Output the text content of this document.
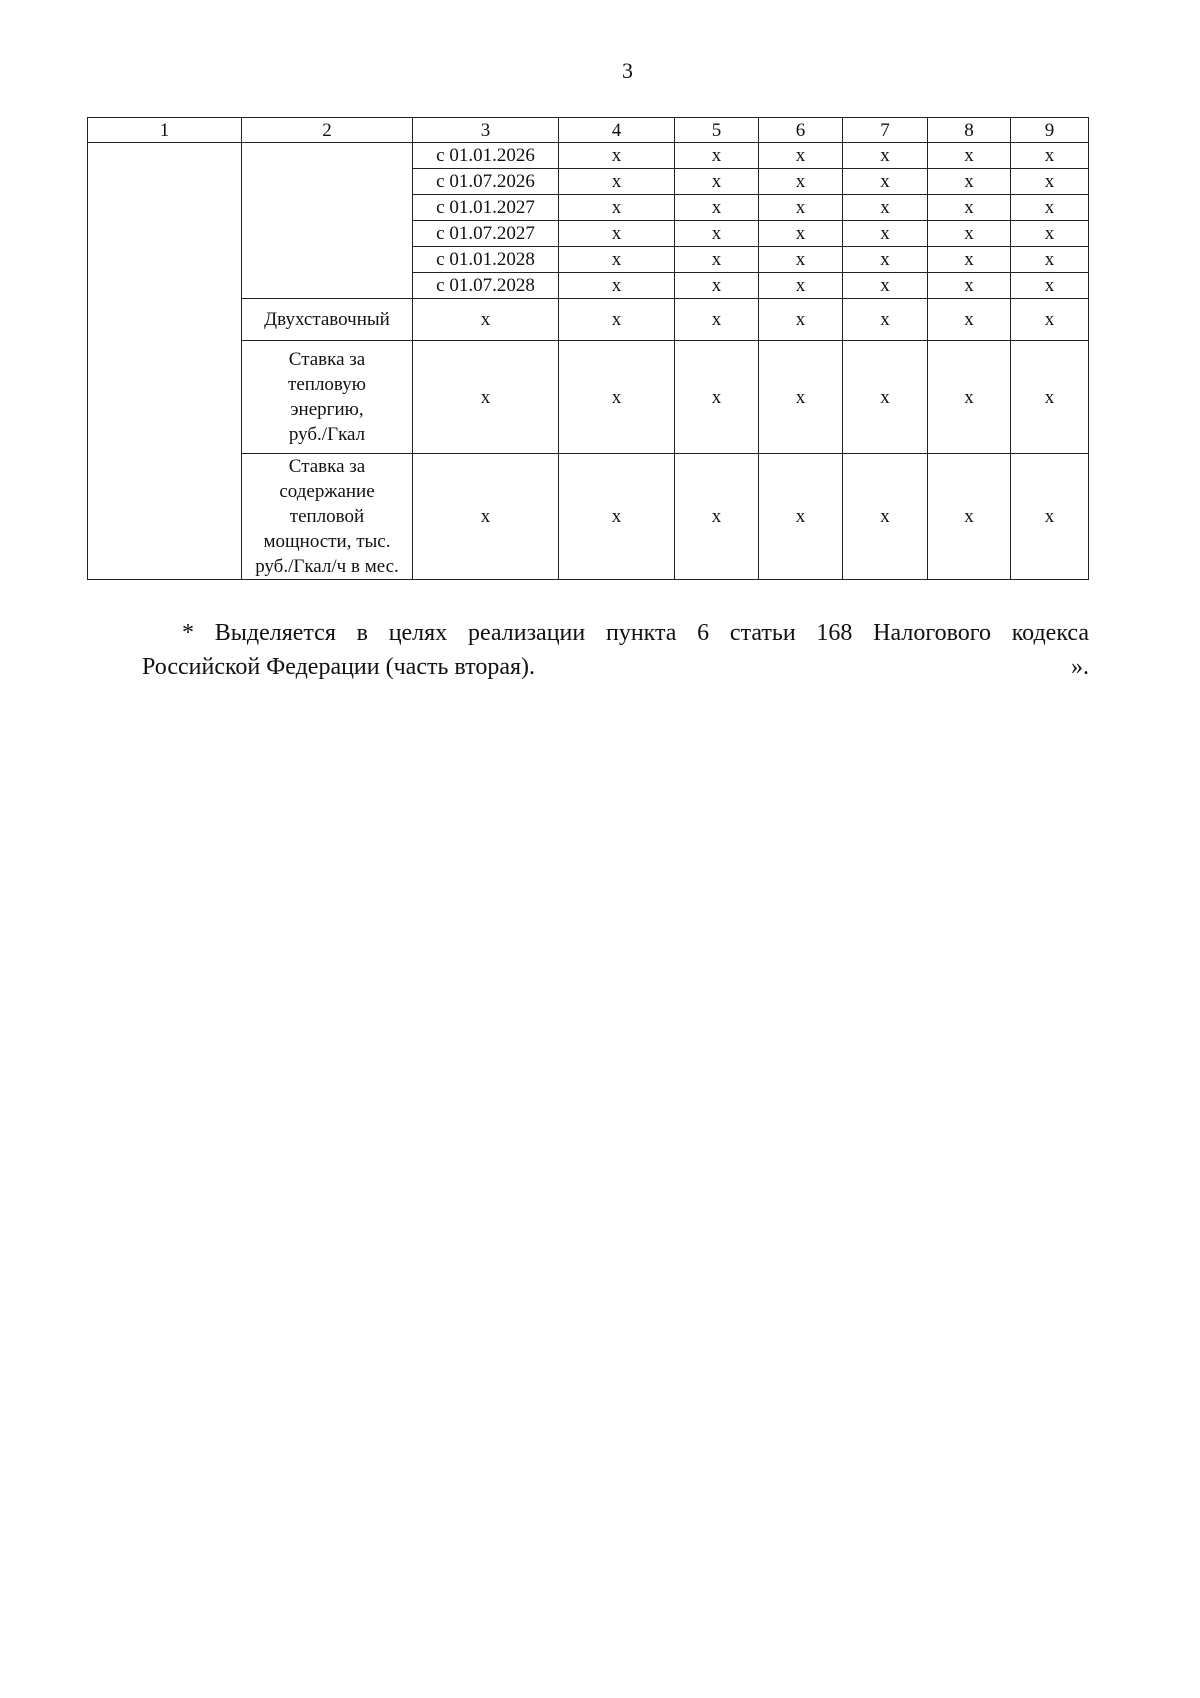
3
1	2	3	4	5	6	7	8	9
		с 01.01.2026	x	x	x	x	x	x
		с 01.07.2026	x	x	x	x	x	x
		с 01.01.2027	x	x	x	x	x	x
		с 01.07.2027	x	x	x	x	x	x
		с 01.01.2028	x	x	x	x	x	x
		с 01.07.2028	x	x	x	x	x	x
	Двухставочный	x	x	x	x	x	x	x

	Ставка за
тепловую
энергию,
руб./Гкал	x	x	x	x	x	x	x

	Ставка за
содержание
тепловой
мощности, тыс.
руб./Гкал/ч в мес.	x	x	x	x	x	x	x
* Выделяется в целях реализации пункта 6 статьи 168 Налогового кодекса
Российской Федерации (часть вторая).	».
